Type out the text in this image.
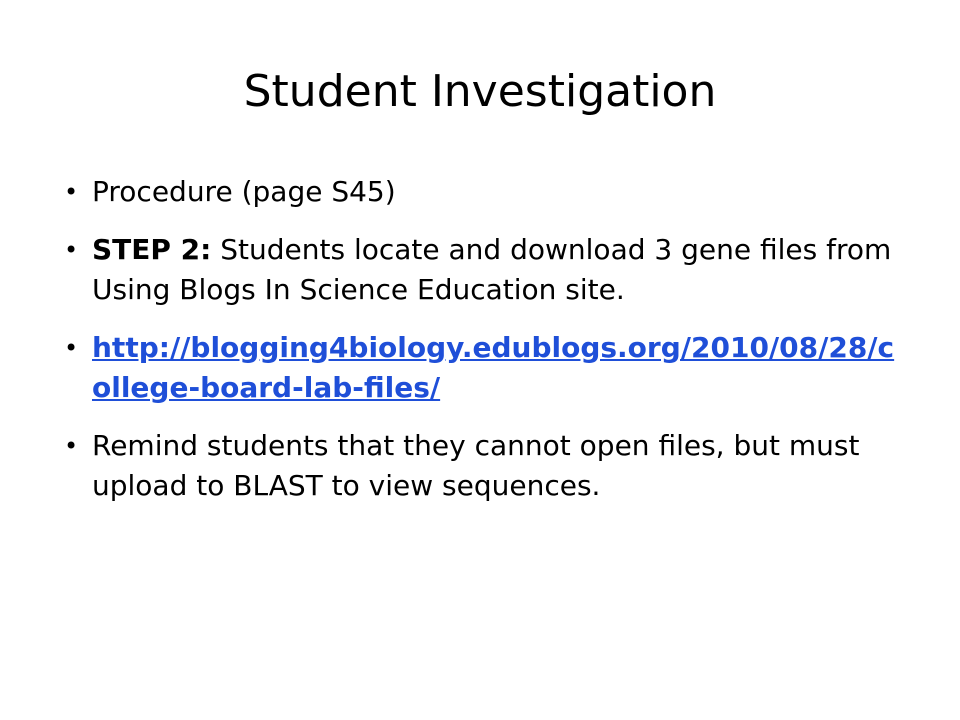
Student Investigation
• Procedure (page S45)
• STEP 2: Students locate and download 3 gene files from Using Blogs In Science Education site.
• http://blogging4biology.edublogs.org/2010/08/28/college-board-lab-files/
• Remind students that they cannot open files, but must upload to BLAST to view sequences.
